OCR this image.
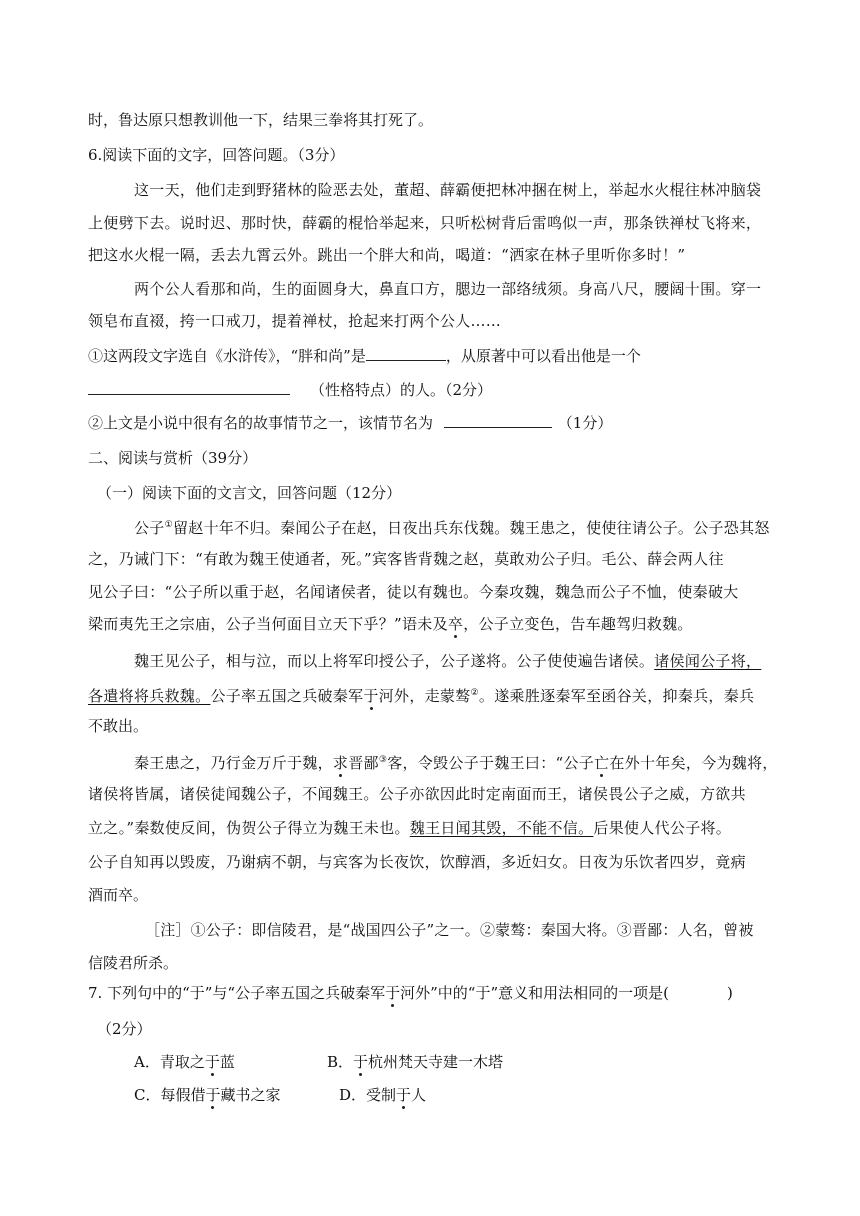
时，鲁达原只想教训他一下，结果三拳将其打死了。
6.阅读下面的文字，回答问题。（3分）
这一天，他们走到野猪林的险恶去处，董超、薛霸便把林冲捆在树上，举起水火棍往林冲脑袋
上便劈下去。说时迟、那时快，薛霸的棍恰举起来，只听松树背后雷鸣似一声，那条铁禅杖飞将来，
把这水火棍一隔，丢去九霄云外。跳出一个胖大和尚，喝道：“洒家在林子里听你多时！”
两个公人看那和尚，生的面圆身大，鼻直口方，腮边一部络绒须。身高八尺，腰阔十围。穿一
领皂布直裰，挎一口戒刀，提着禅杖，抢起来打两个公人……
①这两段文字选自《水浒传》，“胖和尚”是	，从原著中可以看出他是一个
（性格特点）的人。（2分）
②上文是小说中很有名的故事情节之一，该情节名为	（1分）
二、阅读与赏析（39分）
（一）阅读下面的文言文，回答问题（12分）
公子①留赵十年不归。秦闻公子在赵，日夜出兵东伐魏。魏王患之，使使往请公子。公子恐其怒
之，乃诫门下：“有敢为魏王使通者，死。”宾客皆背魏之赵，莫敢劝公子归。毛公、薛会两人往
见公子曰：“公子所以重于赵，名闻诸侯者，徒以有魏也。今秦攻魏，魏急而公子不恤，使秦破大
梁而夷先王之宗庙，公子当何面目立天下乎？”语未及卒，公子立变色，告车趣驾归救魏。
魏王见公子，相与泣，而以上将军印授公子，公子遂将。公子使使遍告诸侯。诸侯闻公子将，
各遣将将兵救魏。公子率五国之兵破秦军于河外，走蒙骜②。遂乘胜逐秦军至函谷关，抑秦兵，秦兵
不敢出。
秦王患之，乃行金万斤于魏，求晋鄙③客，令毁公子于魏王曰：“公子亡在外十年矣，今为魏将，
诸侯将皆属，诸侯徒闻魏公子，不闻魏王。公子亦欲因此时定南面而王，诸侯畏公子之威，方欲共
立之。”秦数使反间，伪贺公子得立为魏王未也。魏王日闻其毁，不能不信。后果使人代公子将。
公子自知再以毁废，乃谢病不朝，与宾客为长夜饮，饮醇酒，多近妇女。日夜为乐饮者四岁，竟病
酒而卒。
［注］①公子：即信陵君，是“战国四公子”之一。②蒙骜：秦国大将。③晋鄙：人名，曾被
信陵君所杀。
7. 下列句中的“于”与“公子率五国之兵破秦军于河外”中的“于”意义和用法相同的一项是(	)
（2分）
A．青取之于蓝	B．于杭州梵天寺建一木塔
C．每假借于藏书之家	D．受制于人
